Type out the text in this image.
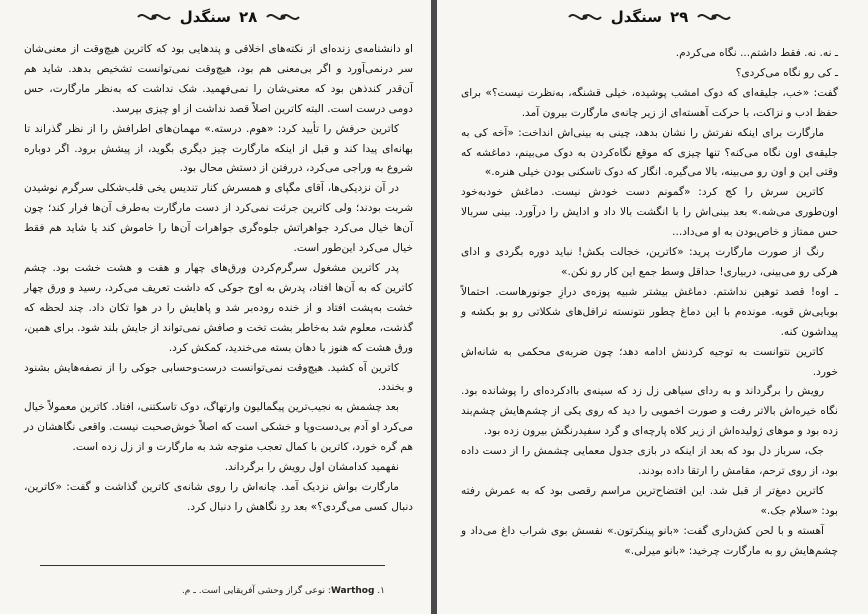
۲۸
سنگدل

او دانشنامه‌ی زنده‌ای از نکته‌های اخلاقی و پندهایی بود که کاترین هیچ‌وقت از معنی‌شان سر درنمی‌آورد و اگر بی‌معنی هم بود، هیچ‌وقت نمی‌توانست تشخیص بدهد. شاید هم آن‌قدر کندذهن بود که معنی‌شان را نمی‌فهمید. شک نداشت که به‌نظر مارگارت، حس دومی درست است. البته کاترین اصلاً قصد نداشت از او چیزی بپرسد.

کاترین حرفش را تأیید کرد: «هوم. درسته.» مهمان‌های اطرافش را از نظر گذراند تا بهانه‌ای پیدا کند و قبل از اینکه مارگارت چیز دیگری بگوید، از پیشش برود. اگر دوباره شروع به وراجی می‌کرد، دررفتن از دستش محال بود.

در آن نزدیکی‌ها، آقای مگپای و همسرش کنار تندیس یخی قلب‌شکلی سرگرم نوشیدن شربت بودند؛ ولی کاترین جرئت نمی‌کرد از دست مارگارت به‌طرف آن‌ها فرار کند؛ چون آن‌ها خیال می‌کرد جواهراتش جلوه‌گری جواهرات آن‌ها را خاموش کند یا شاید هم فقط خیال می‌کرد این‌طور است.

پدر کاترین مشغول سرگرم‌کردن ورق‌های چهار و هفت و هشت خشت بود. چشم کاترین که به آن‌ها افتاد، پدرش به اوج جوکی که داشت تعریف می‌کرد، رسید و ورق چهار خشت به‌پشت افتاد و از خنده روده‌بر شد و پاهایش را در هوا تکان داد. چند لحظه که گذشت، معلوم شد به‌خاطر بشت تخت و صافش نمی‌تواند از جایش بلند شود. برای همین، ورق هشت که هنوز با دهان بسته می‌خندید، کمکش کرد.

کاترین آه کشید. هیچ‌وقت نمی‌توانست درست‌وحسابی جوکی را از نصفه‌هایش بشنود و بخندد.

بعد چشمش به نجیب‌ترین پیگمالیون وارتهاگ، دوک تاسکتنی، افتاد. کاترین معمولاً خیال می‌کرد او آدم بی‌دست‌وپا و خشکی است که اصلاً خوش‌صحبت نیست. واقعی نگاهشان در هم گره خورد، کاترین با کمال تعجب متوجه شد به مارگارت و از زل زده است.

نفهمید کدامشان اول رویش را برگرداند.

مارگارت بواش نزدیک آمد. چانه‌اش را روی شانه‌ی کاترین گذاشت و گفت: «کاترین، دنبال کسی می‌گردی؟» بعد ردِ نگاهش را دنبال کرد.

۱. Warthog: نوعی گراز وحشی آفریقایی است. ـ م.
۲۹
سنگدل

ـ نه. نه. فقط داشتم... نگاه می‌کردم.

ـ کی رو نگاه می‌کردی؟

گفت: «خب، جلیقه‌ای که دوک امشب پوشیده، خیلی قشنگه، به‌نظرت نیست؟» برای حفظ ادب و نزاکت، با حرکت آهسته‌ای از زیر چانه‌ی مارگارت بیرون آمد.

مارگارت برای اینکه نفرتش را نشان بدهد، چینی به بینی‌اش انداخت: «آخه کی به جلیقه‌ی اون نگاه می‌کنه؟ تنها چیزی که موقع نگاه‌کردن به دوک می‌بینم، دماغشه که وقتی این و اون رو می‌بینه، بالا می‌گیره. انگار که دوک تاسکنی بودن خیلی هنره.»

کاترین سرش را کج کرد: «گمونم دست خودش نیست. دماغش خودبه‌خود اون‌طوری می‌شه.» بعد بینی‌اش را با انگشت بالا داد و ادایش را درآورد. بینی سربالا حس ممتاز و خاص‌بودن به او می‌داد...

رنگ از صورت مارگارت پرید: «کاترین، خجالت بکش! نباید دوره بگردی و ادای هرکی رو می‌بینی، دربیاری! حداقل وسط جمع این کار رو نکن.»

ـ اوه! قصد توهین نداشتم. دماغش بیشتر شبیه پوزه‌ی درازِ جونورهاست. احتمالاً بوبایی‌ش قویه. مونده‌م با این دماغ چطور نتونسته ترافل‌های شکلاتی رو بو بکشه و پیداشون کنه.

کاترین نتوانست به توجیه کردنش ادامه دهد؛ چون ضربه‌ی محکمی به شانه‌اش خورد.

رویش را برگرداند و به ردای سیاهی زل زد که سینه‌ی باادکرده‌ای را پوشانده بود. نگاه خیره‌اش بالاتر رفت و صورت اخمویی را دید که روی یکی از چشم‌هایش چشم‌بند زده بود و موهای ژولیده‌اش از زیر کلاه پارچه‌ای و گرد سفیدرنگش بیرون زده بود.

جک، سرباز دل بود که بعد از اینکه در بازی جدول معمایی چشمش را از دست داده بود، از روی ترحم، مقامش را ارتقا داده بودند.

کاترین دمغ‌تر از قبل شد. این افتضاح‌ترین مراسم رقصی بود که به عمرش رفته بود: «سلام جک.»

آهسته و با لحن کش‌داری گفت: «بانو پینکرتون.» نفسش بوی شراب داغ می‌داد و چشم‌هایش رو به مارگارت چرخید: «بانو میرلی.»
